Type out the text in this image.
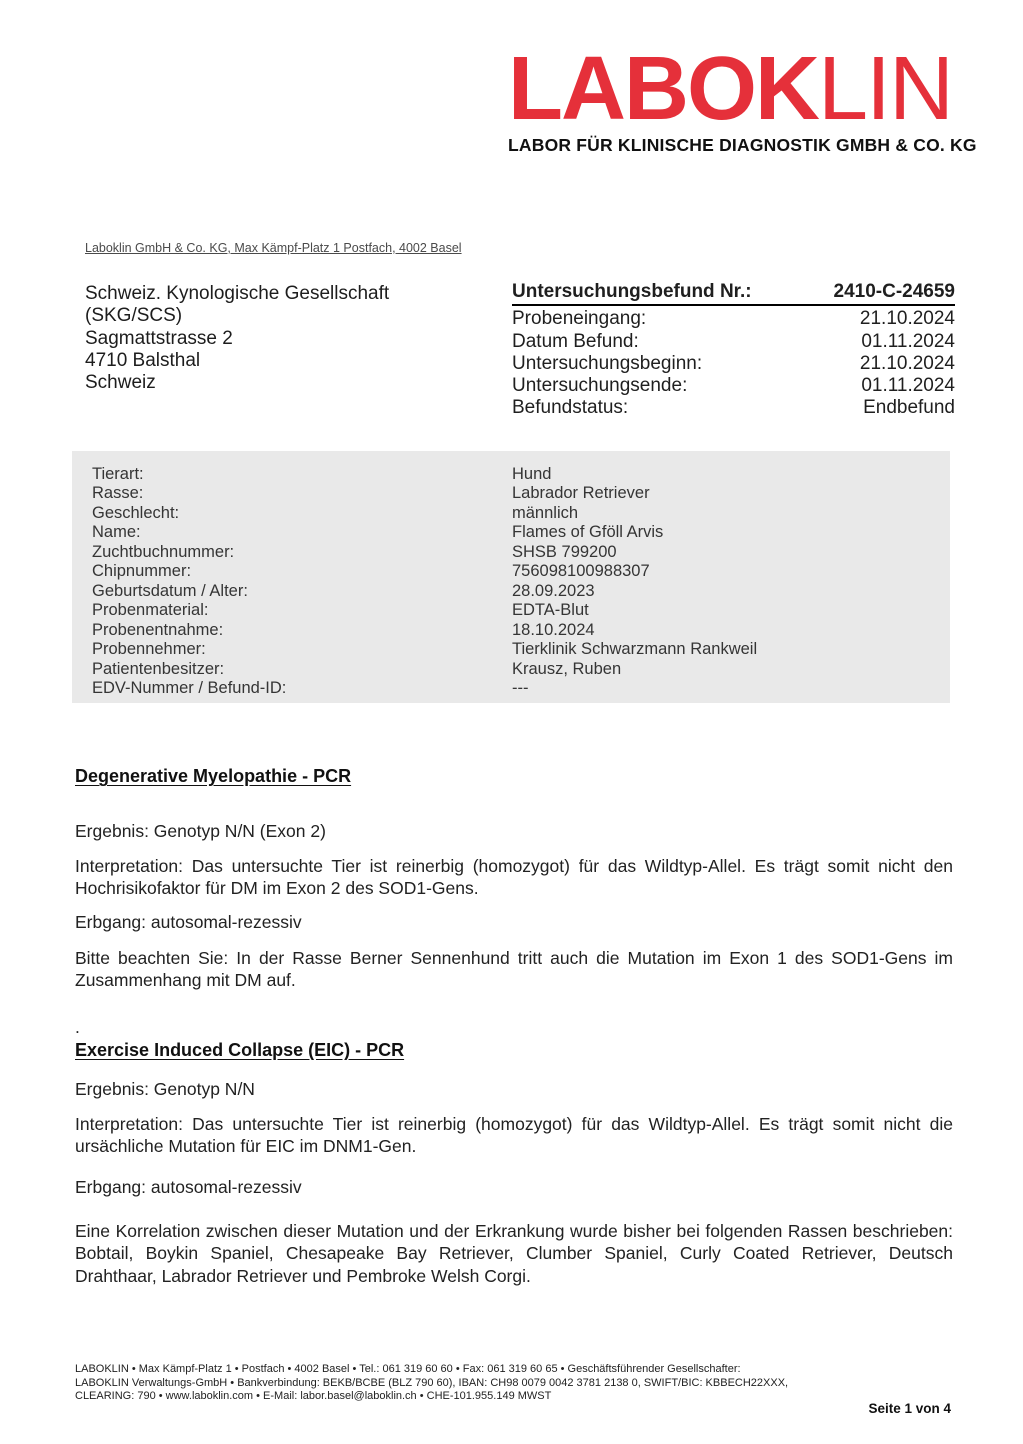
LABOKLIN
LABOR FÜR KLINISCHE DIAGNOSTIK GMBH & CO. KG
Laboklin GmbH & Co. KG, Max Kämpf-Platz 1 Postfach, 4002 Basel
Schweiz. Kynologische Gesellschaft
(SKG/SCS)
Sagmattstrasse 2
4710 Balsthal
Schweiz
Untersuchungsbefund Nr.:	2410-C-24659
Probeneingang:	21.10.2024
Datum Befund:	01.11.2024
Untersuchungsbeginn:	21.10.2024
Untersuchungsende:	01.11.2024
Befundstatus:	Endbefund
Tierart:	Hund
Rasse:	Labrador Retriever
Geschlecht:	männlich
Name:	Flames of Gföll Arvis
Zuchtbuchnummer:	SHSB 799200
Chipnummer:	756098100988307
Geburtsdatum / Alter:	28.09.2023
Probenmaterial:	EDTA-Blut
Probenentnahme:	18.10.2024
Probennehmer:	Tierklinik Schwarzmann Rankweil
Patientenbesitzer:	Krausz, Ruben
EDV-Nummer / Befund-ID:	---
Degenerative Myelopathie - PCR
Ergebnis: Genotyp N/N (Exon 2)
Interpretation: Das untersuchte Tier ist reinerbig (homozygot) für das Wildtyp-Allel. Es trägt somit nicht den Hochrisikofaktor für DM im Exon 2 des SOD1-Gens.
Erbgang: autosomal-rezessiv
Bitte beachten Sie: In der Rasse Berner Sennenhund tritt auch die Mutation im Exon 1 des SOD1-Gens im Zusammenhang mit DM auf.
.
Exercise Induced Collapse (EIC) - PCR
Ergebnis: Genotyp N/N
Interpretation: Das untersuchte Tier ist reinerbig (homozygot) für das Wildtyp-Allel. Es trägt somit nicht die ursächliche Mutation für EIC im DNM1-Gen.
Erbgang: autosomal-rezessiv
Eine Korrelation zwischen dieser Mutation und der Erkrankung wurde bisher bei folgenden Rassen beschrieben: Bobtail, Boykin Spaniel, Chesapeake Bay Retriever, Clumber Spaniel, Curly Coated Retriever, Deutsch Drahthaar, Labrador Retriever und Pembroke Welsh Corgi.
LABOKLIN • Max Kämpf-Platz 1 • Postfach • 4002 Basel • Tel.: 061 319 60 60 • Fax: 061 319 60 65 • Geschäftsführender Gesellschafter:
LABOKLIN Verwaltungs-GmbH • Bankverbindung: BEKB/BCBE (BLZ 790 60), IBAN: CH98 0079 0042 3781 2138 0, SWIFT/BIC: KBBECH22XXX,
CLEARING: 790 • www.laboklin.com • E-Mail: labor.basel@laboklin.ch • CHE-101.955.149 MWST
Seite 1 von 4
